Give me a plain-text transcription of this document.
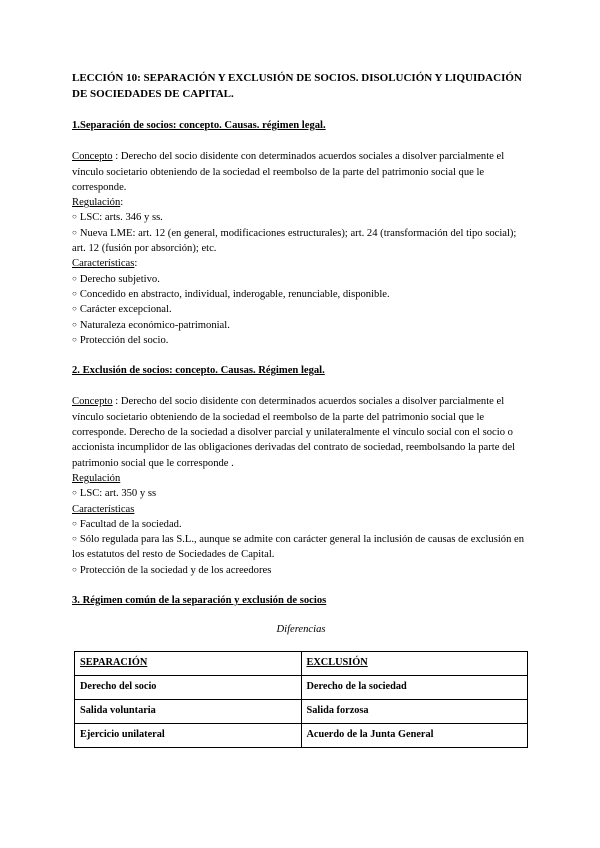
LECCIÓN 10: SEPARACIÓN Y EXCLUSIÓN DE SOCIOS. DISOLUCIÓN Y LIQUIDACIÓN DE SOCIEDADES DE CAPITAL.

1.Separación de socios: concepto. Causas. régimen legal.

Concepto : Derecho del socio disidente con determinados acuerdos sociales a disolver parcialmente el vínculo societario obteniendo de la sociedad el reembolso de la parte del patrimonio social que le corresponde.

Regulación:

○ LSC: arts. 346 y ss.

○ Nueva LME: art. 12 (en general, modificaciones estructurales); art. 24 (transformación del tipo social); art. 12 (fusión por absorción); etc.

Características:

○ Derecho subjetivo.

○ Concedido en abstracto, individual, inderogable, renunciable, disponible.

○ Carácter excepcional.

○ Naturaleza económico-patrimonial.

○ Protección del socio.

2. Exclusión de socios: concepto. Causas. Régimen legal.

Concepto : Derecho del socio disidente con determinados acuerdos sociales a disolver parcialmente el vínculo societario obteniendo de la sociedad el reembolso de la parte del patrimonio social que le corresponde. Derecho de la sociedad a disolver parcial y unilateralmente el vínculo social con el socio o accionista incumplidor de las obligaciones derivadas del contrato de sociedad, reembolsando la parte del patrimonio social que le corresponde .

Regulación

○ LSC: art. 350 y ss

Características

○ Facultad de la sociedad.

○ Sólo regulada para las S.L., aunque se admite con carácter general la inclusión de causas de exclusión en los estatutos del resto de Sociedades de Capital.

○ Protección de la sociedad y de los acreedores

3. Régimen común de la separación y exclusión de socios

Diferencias

SEPARACIÓN	EXCLUSIÓN
Derecho del socio	Derecho de la sociedad
Salida voluntaria	Salida forzosa
Ejercicio unilateral	Acuerdo de la Junta General
